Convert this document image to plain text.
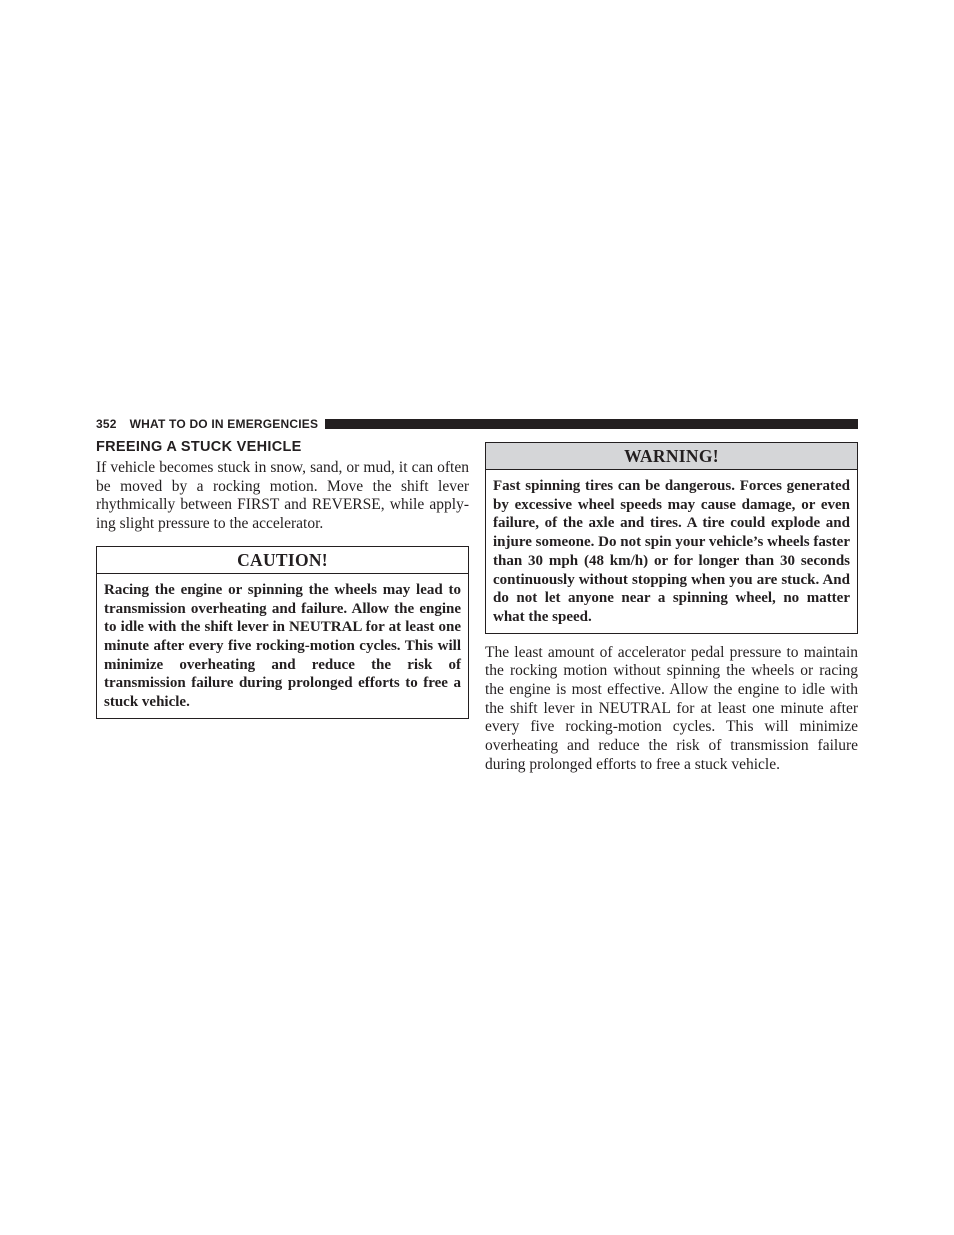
352 WHAT TO DO IN EMERGENCIES
FREEING A STUCK VEHICLE

If vehicle becomes stuck in snow, sand, or mud, it can often be moved by a rocking motion. Move the shift lever rhythmically between FIRST and REVERSE, while applying slight pressure to the accelerator.

CAUTION!
Racing the engine or spinning the wheels may lead to transmission overheating and failure. Allow the engine to idle with the shift lever in NEUTRAL for at least one minute after every five rocking-motion cycles. This will minimize overheating and reduce the risk of transmission failure during prolonged efforts to free a stuck vehicle.
WARNING!
Fast spinning tires can be dangerous. Forces generated by excessive wheel speeds may cause damage, or even failure, of the axle and tires. A tire could explode and injure someone. Do not spin your vehicle’s wheels faster than 30 mph (48 km/h) or for longer than 30 seconds continuously without stopping when you are stuck. And do not let anyone near a spinning wheel, no matter what the speed.

The least amount of accelerator pedal pressure to maintain the rocking motion without spinning the wheels or racing the engine is most effective. Allow the engine to idle with the shift lever in NEUTRAL for at least one minute after every five rocking-motion cycles. This will minimize overheating and reduce the risk of transmission failure during prolonged efforts to free a stuck vehicle.
